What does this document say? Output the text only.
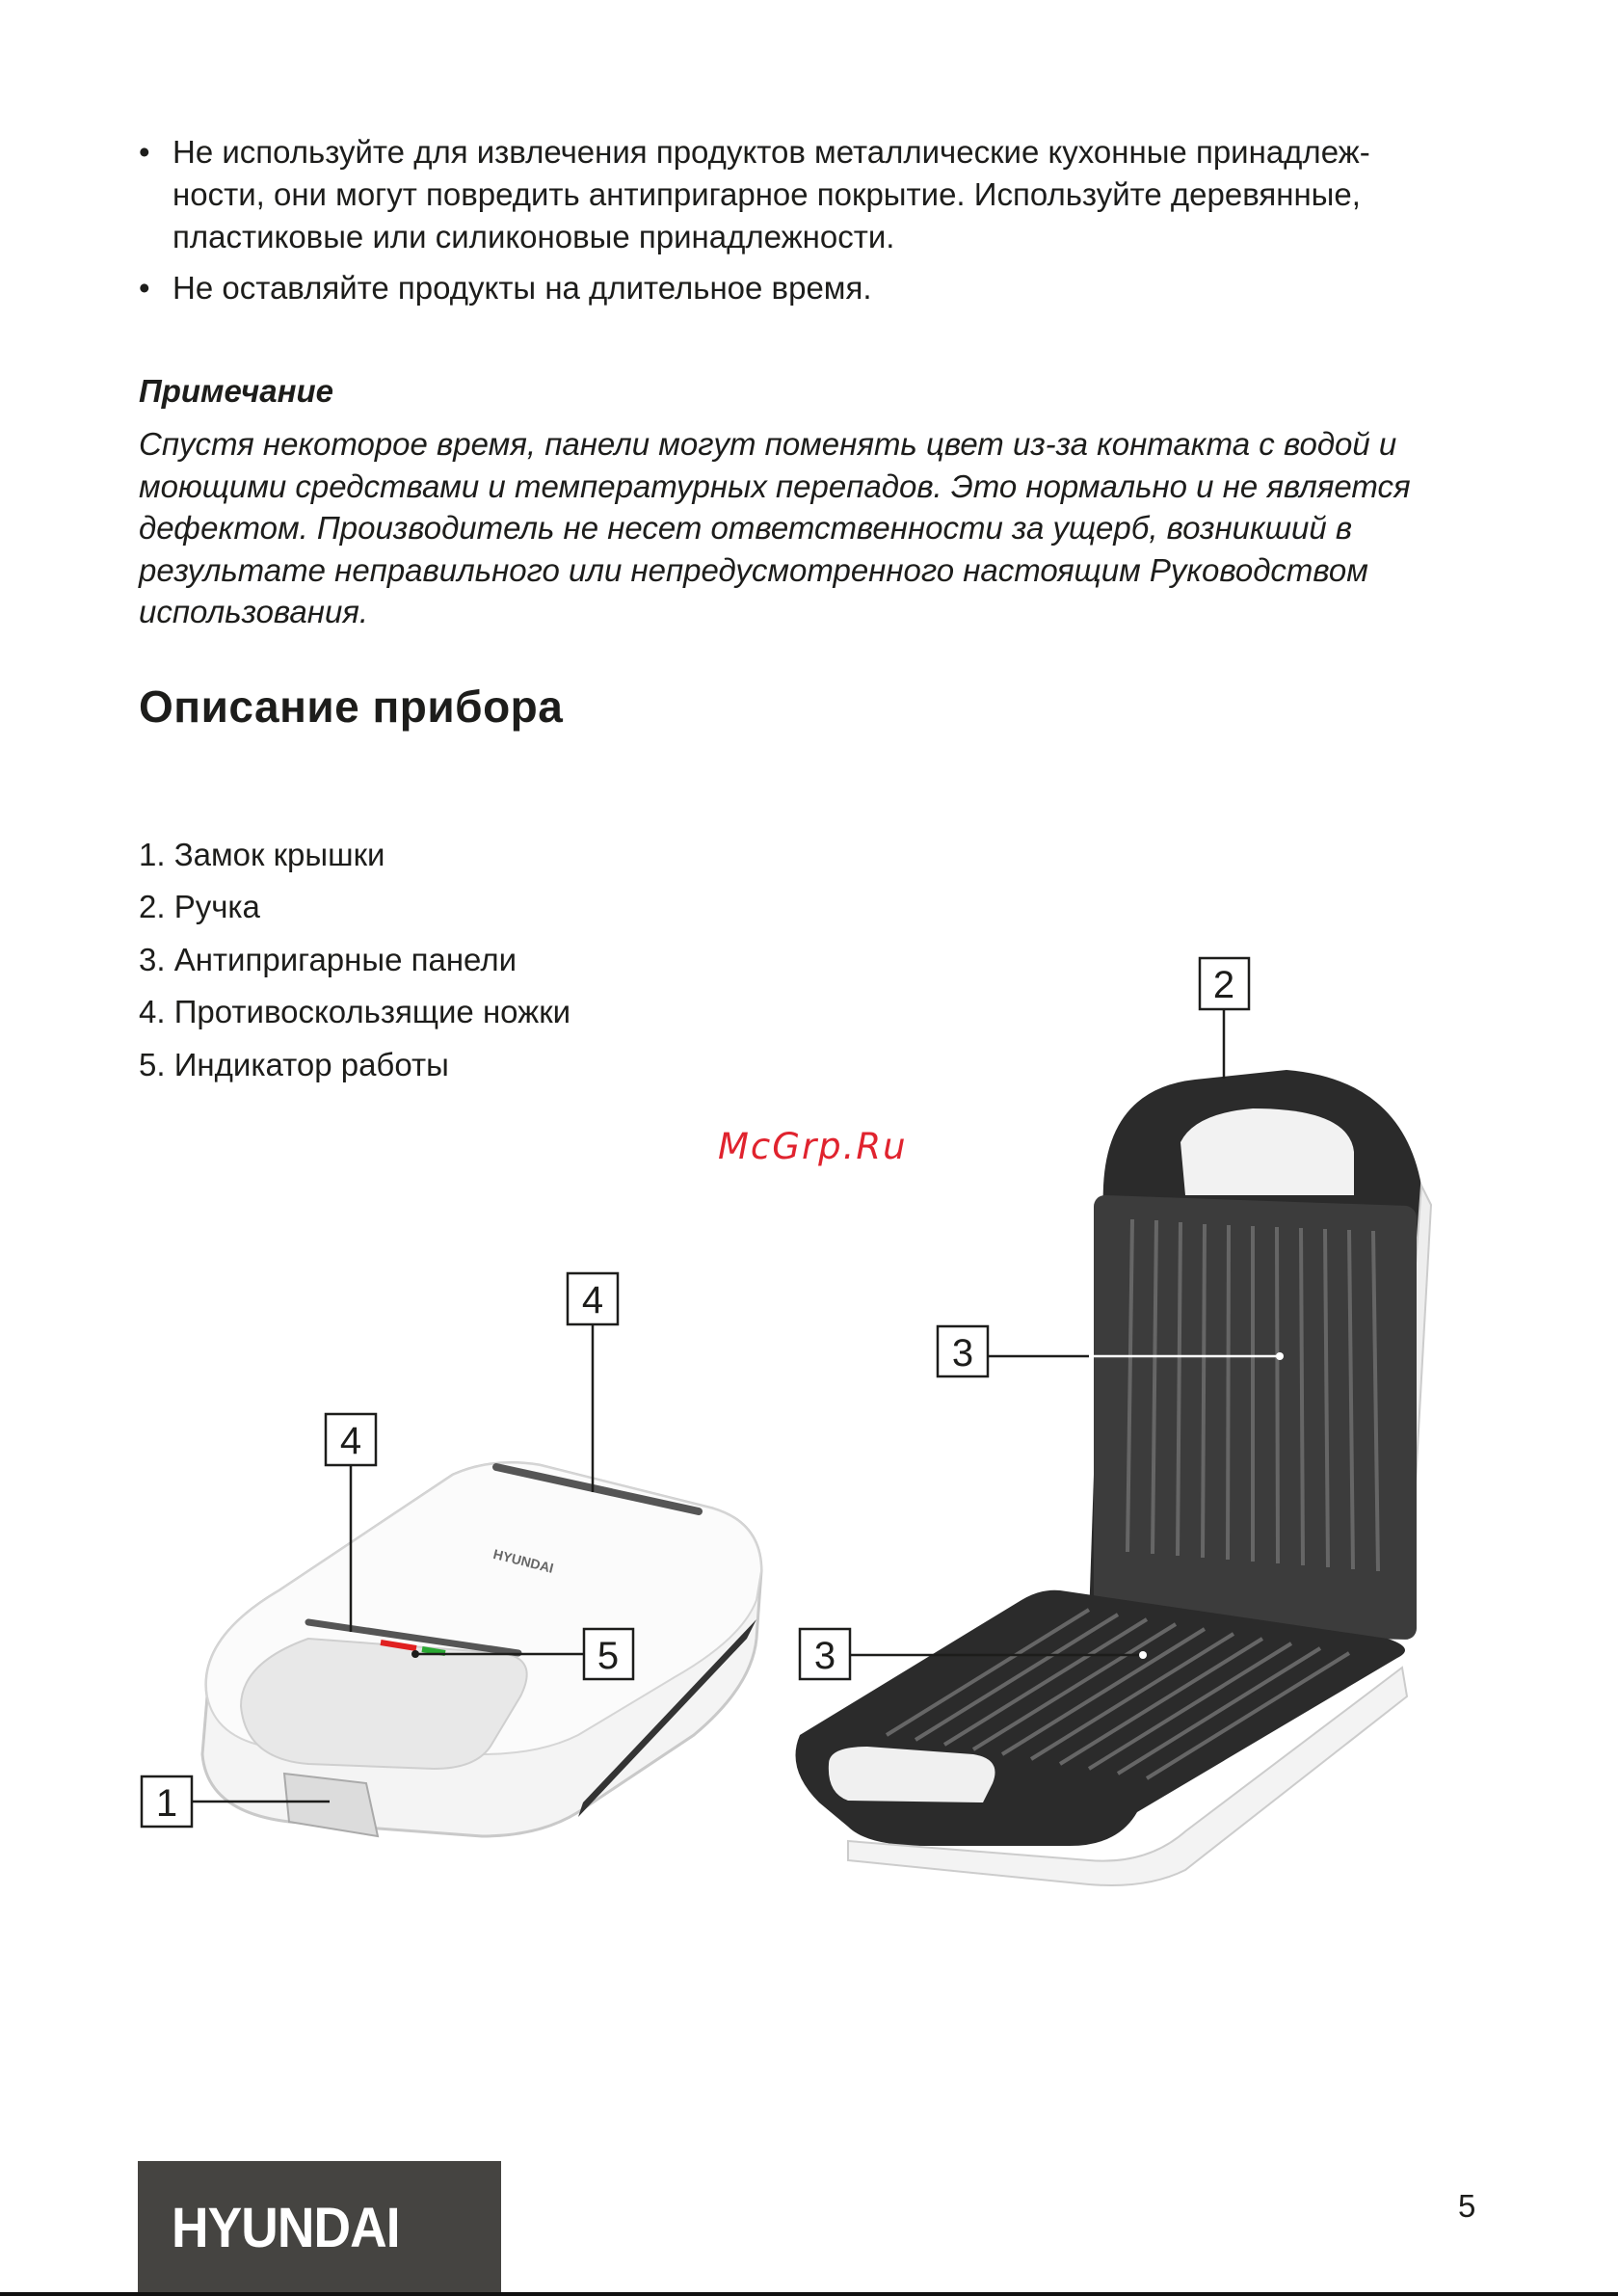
• Не используйте для извлечения продуктов металлические кухонные принадлеж-
ности, они могут повредить антипригарное покрытие. Используйте деревянные,
пластиковые или силиконовые принадлежности.
• Не оставляйте продукты на длительное время.
Примечание
Спустя некоторое время, панели могут поменять цвет из-за контакта с водой и
моющими средствами и температурных перепадов. Это нормально и не является
дефектом. Производитель не несет ответственности за ущерб, возникший в
результате неправильного или непредусмотренного настоящим Руководством
использования.
Описание прибора
1. Замок крышки
2. Ручка
3. Антипригарные панели
4. Противоскользящие ножки
5. Индикатор работы
McGrp.Ru
HYUNDAI
1
2
3
3
4
4
5
HYUNDAI	5
